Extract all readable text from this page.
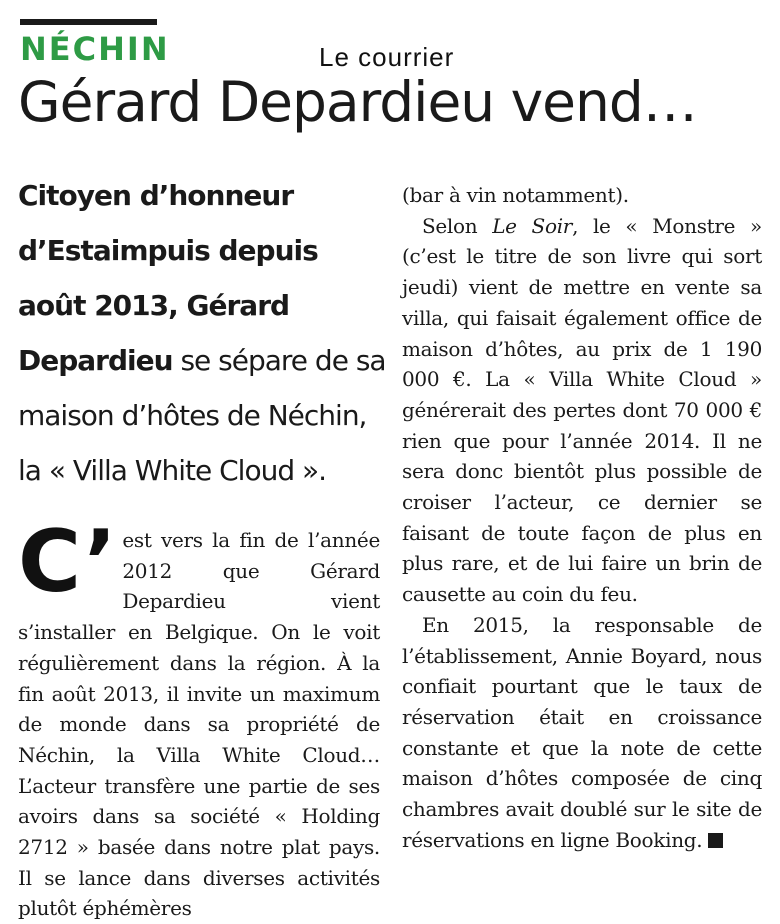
NÉCHIN	Le courrier
Gérard Depardieu vend…
Citoyen d’honneur d’Estaimpuis depuis août 2013, Gérard Depardieu se sépare de sa maison d’hôtes de Néchin, la « Villa White Cloud ».

C’ est vers la fin de l’année 2012 que Gérard Depardieu vient s’installer en Belgique. On le voit régulièrement dans la région. À la fin août 2013, il invite un maximum de monde dans sa propriété de Néchin, la Villa White Cloud… L’acteur transfère une partie de ses avoirs dans sa société « Holding 2712 » basée dans notre plat pays. Il se lance dans diverses activités plutôt éphémères

(bar à vin notamment).

Selon Le Soir, le « Monstre » (c’est le titre de son livre qui sort jeudi) vient de mettre en vente sa villa, qui faisait également office de maison d’hôtes, au prix de 1 190 000 €. La « Villa White Cloud » générerait des pertes dont 70 000 € rien que pour l’année 2014. Il ne sera donc bientôt plus possible de croiser l’acteur, ce dernier se faisant de toute façon de plus en plus rare, et de lui faire un brin de causette au coin du feu.

En 2015, la responsable de l’établissement, Annie Boyard, nous confiait pourtant que le taux de réservation était en croissance constante et que la note de cette maison d’hôtes composée de cinq chambres avait doublé sur le site de réservations en ligne Booking.
